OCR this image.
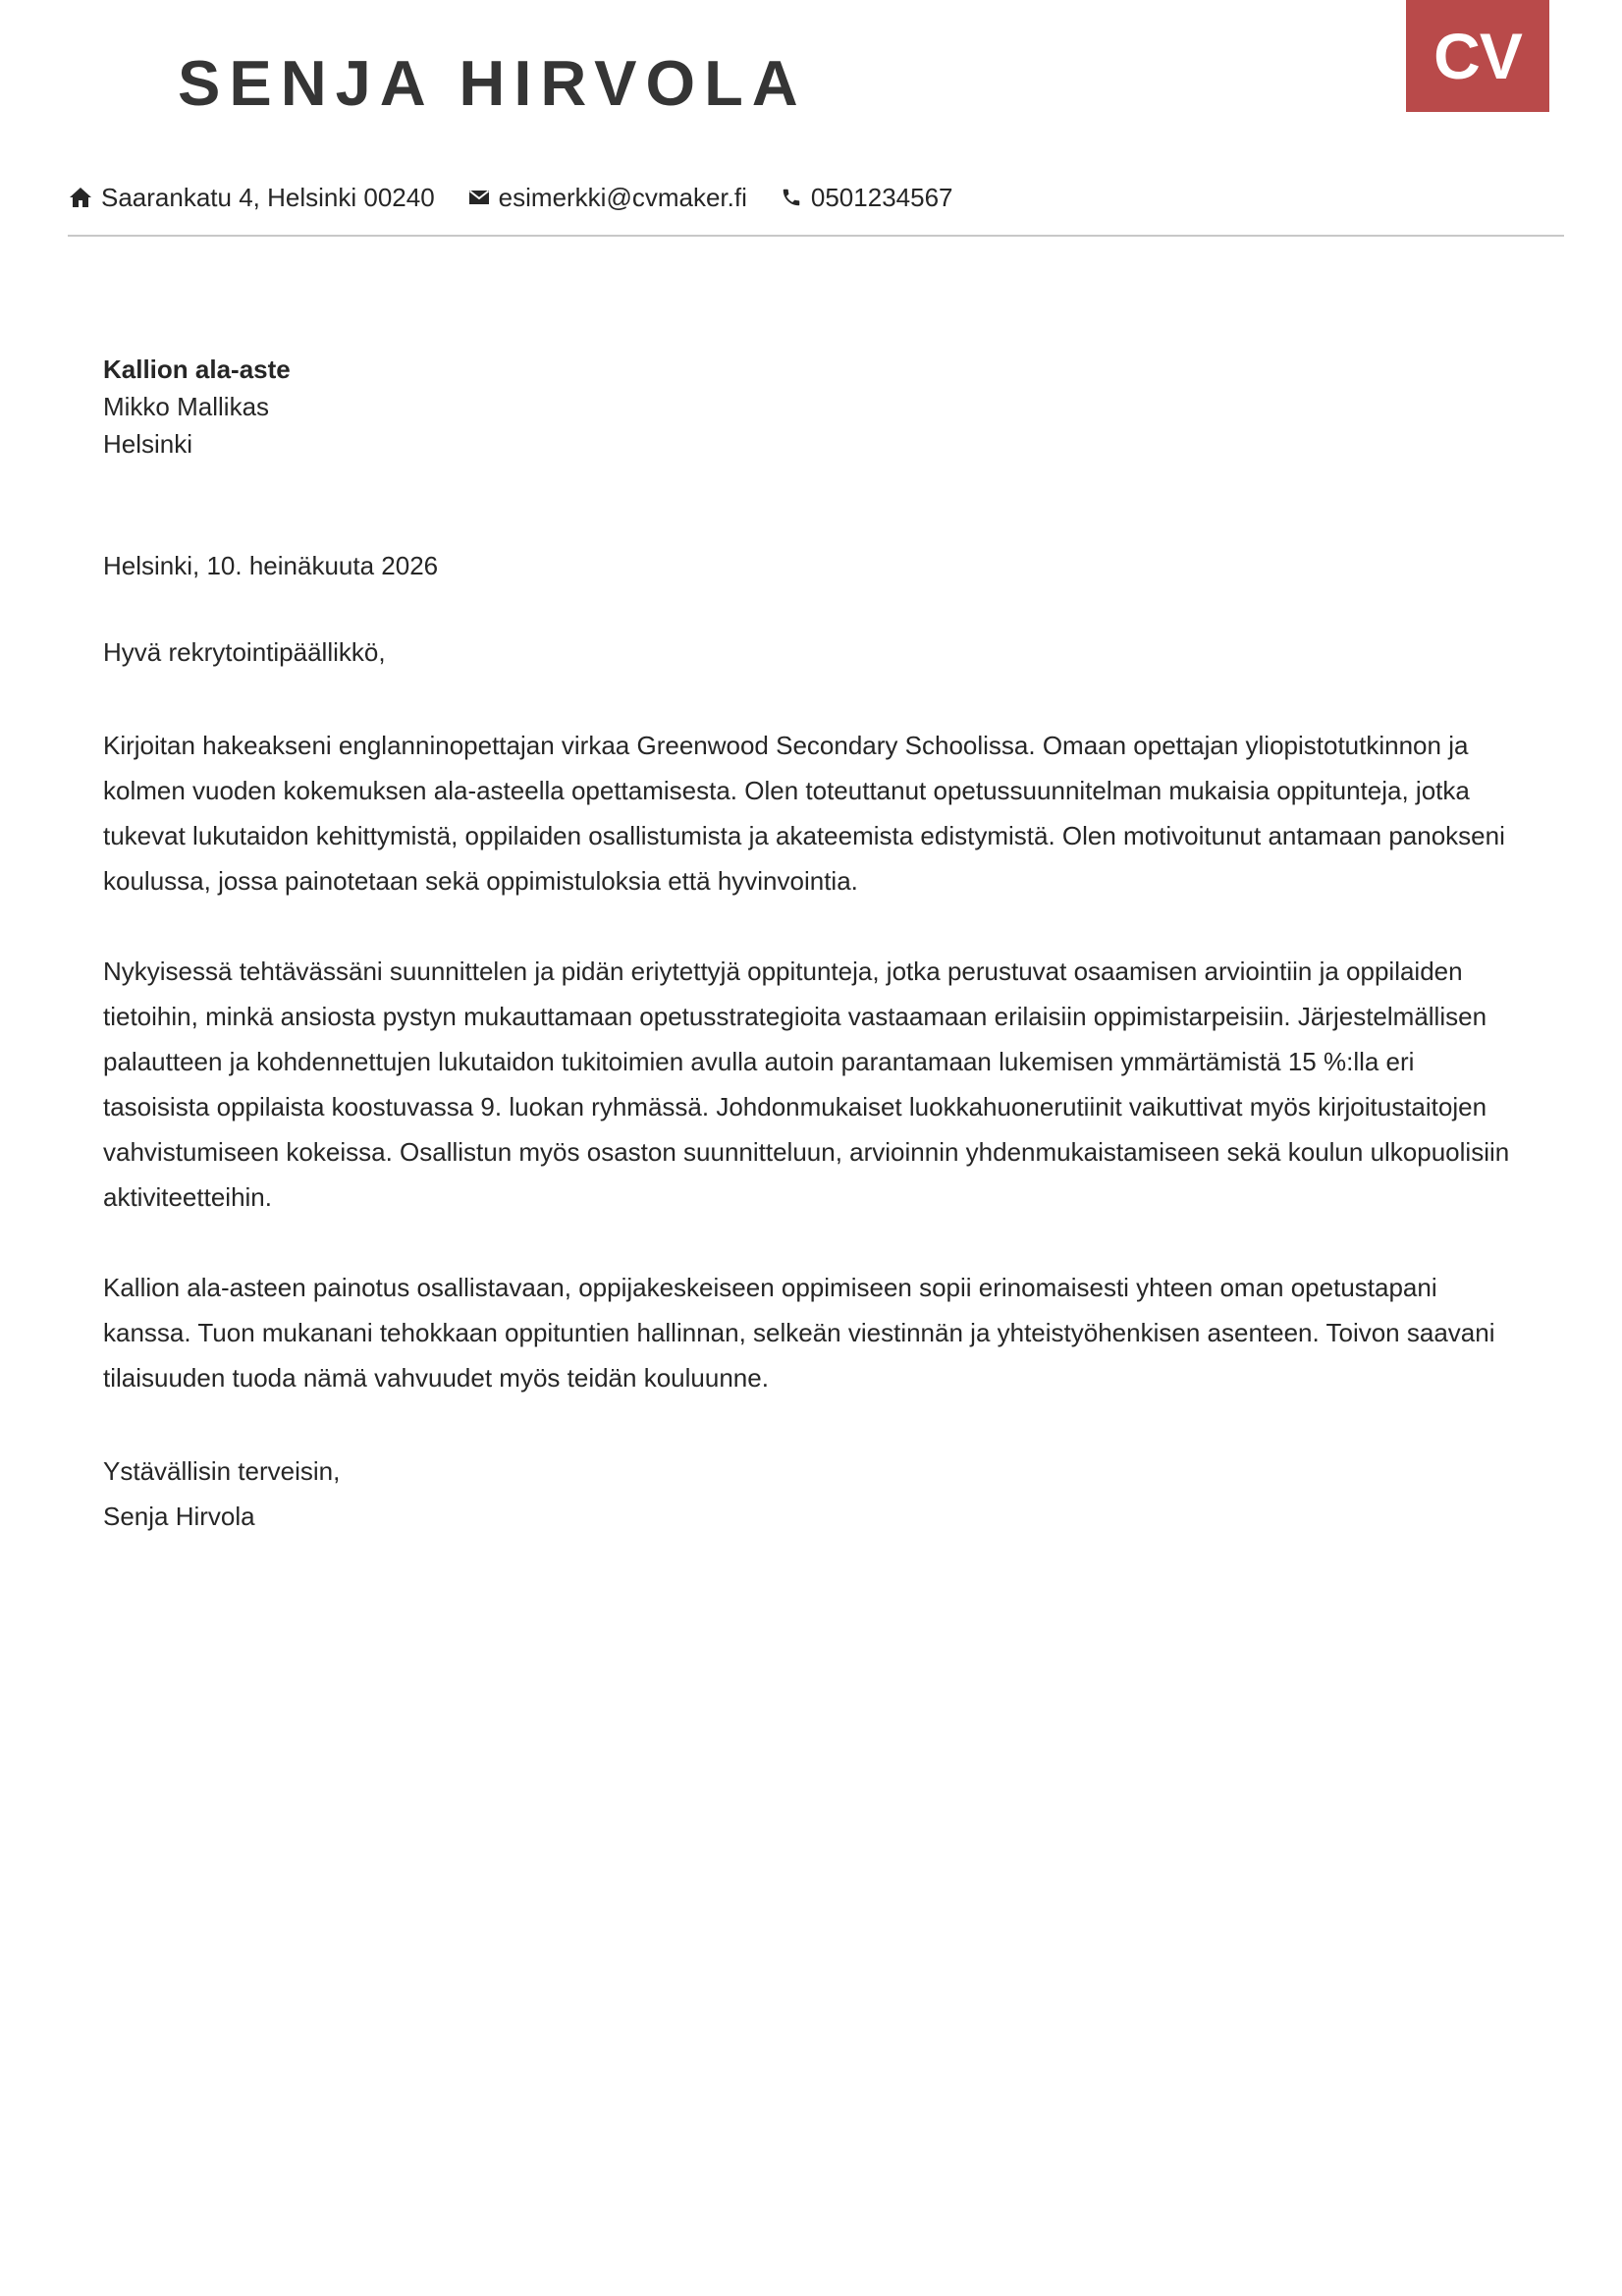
SENJA HIRVOLA	CV
Saarankatu 4, Helsinki 00240	esimerkki@cvmaker.fi	0501234567
Kallion ala-aste
Mikko Mallikas
Helsinki
Helsinki, 10. heinäkuuta 2026
Hyvä rekrytointipäällikkö,

Kirjoitan hakeakseni englanninopettajan virkaa Greenwood Secondary Schoolissa. Omaan opettajan yliopistotutkinnon ja kolmen vuoden kokemuksen ala-asteella opettamisesta. Olen toteuttanut opetussuunnitelman mukaisia oppitunteja, jotka tukevat lukutaidon kehittymistä, oppilaiden osallistumista ja akateemista edistymistä. Olen motivoitunut antamaan panokseni koulussa, jossa painotetaan sekä oppimistuloksia että hyvinvointia.

Nykyisessä tehtävässäni suunnittelen ja pidän eriytettyjä oppitunteja, jotka perustuvat osaamisen arviointiin ja oppilaiden tietoihin, minkä ansiosta pystyn mukauttamaan opetusstrategioita vastaamaan erilaisiin oppimistarpeisiin. Järjestelmällisen palautteen ja kohdennettujen lukutaidon tukitoimien avulla autoin parantamaan lukemisen ymmärtämistä 15 %:lla eri tasoisista oppilaista koostuvassa 9. luokan ryhmässä. Johdonmukaiset luokkahuonerutiinit vaikuttivat myös kirjoitustaitojen vahvistumiseen kokeissa. Osallistun myös osaston suunnitteluun, arvioinnin yhdenmukaistamiseen sekä koulun ulkopuolisiin aktiviteetteihin.

Kallion ala-asteen painotus osallistavaan, oppijakeskeiseen oppimiseen sopii erinomaisesti yhteen oman opetustapani kanssa. Tuon mukanani tehokkaan oppituntien hallinnan, selkeän viestinnän ja yhteistyöhenkisen asenteen. Toivon saavani tilaisuuden tuoda nämä vahvuudet myös teidän kouluunne.

Ystävällisin terveisin,
Senja Hirvola
